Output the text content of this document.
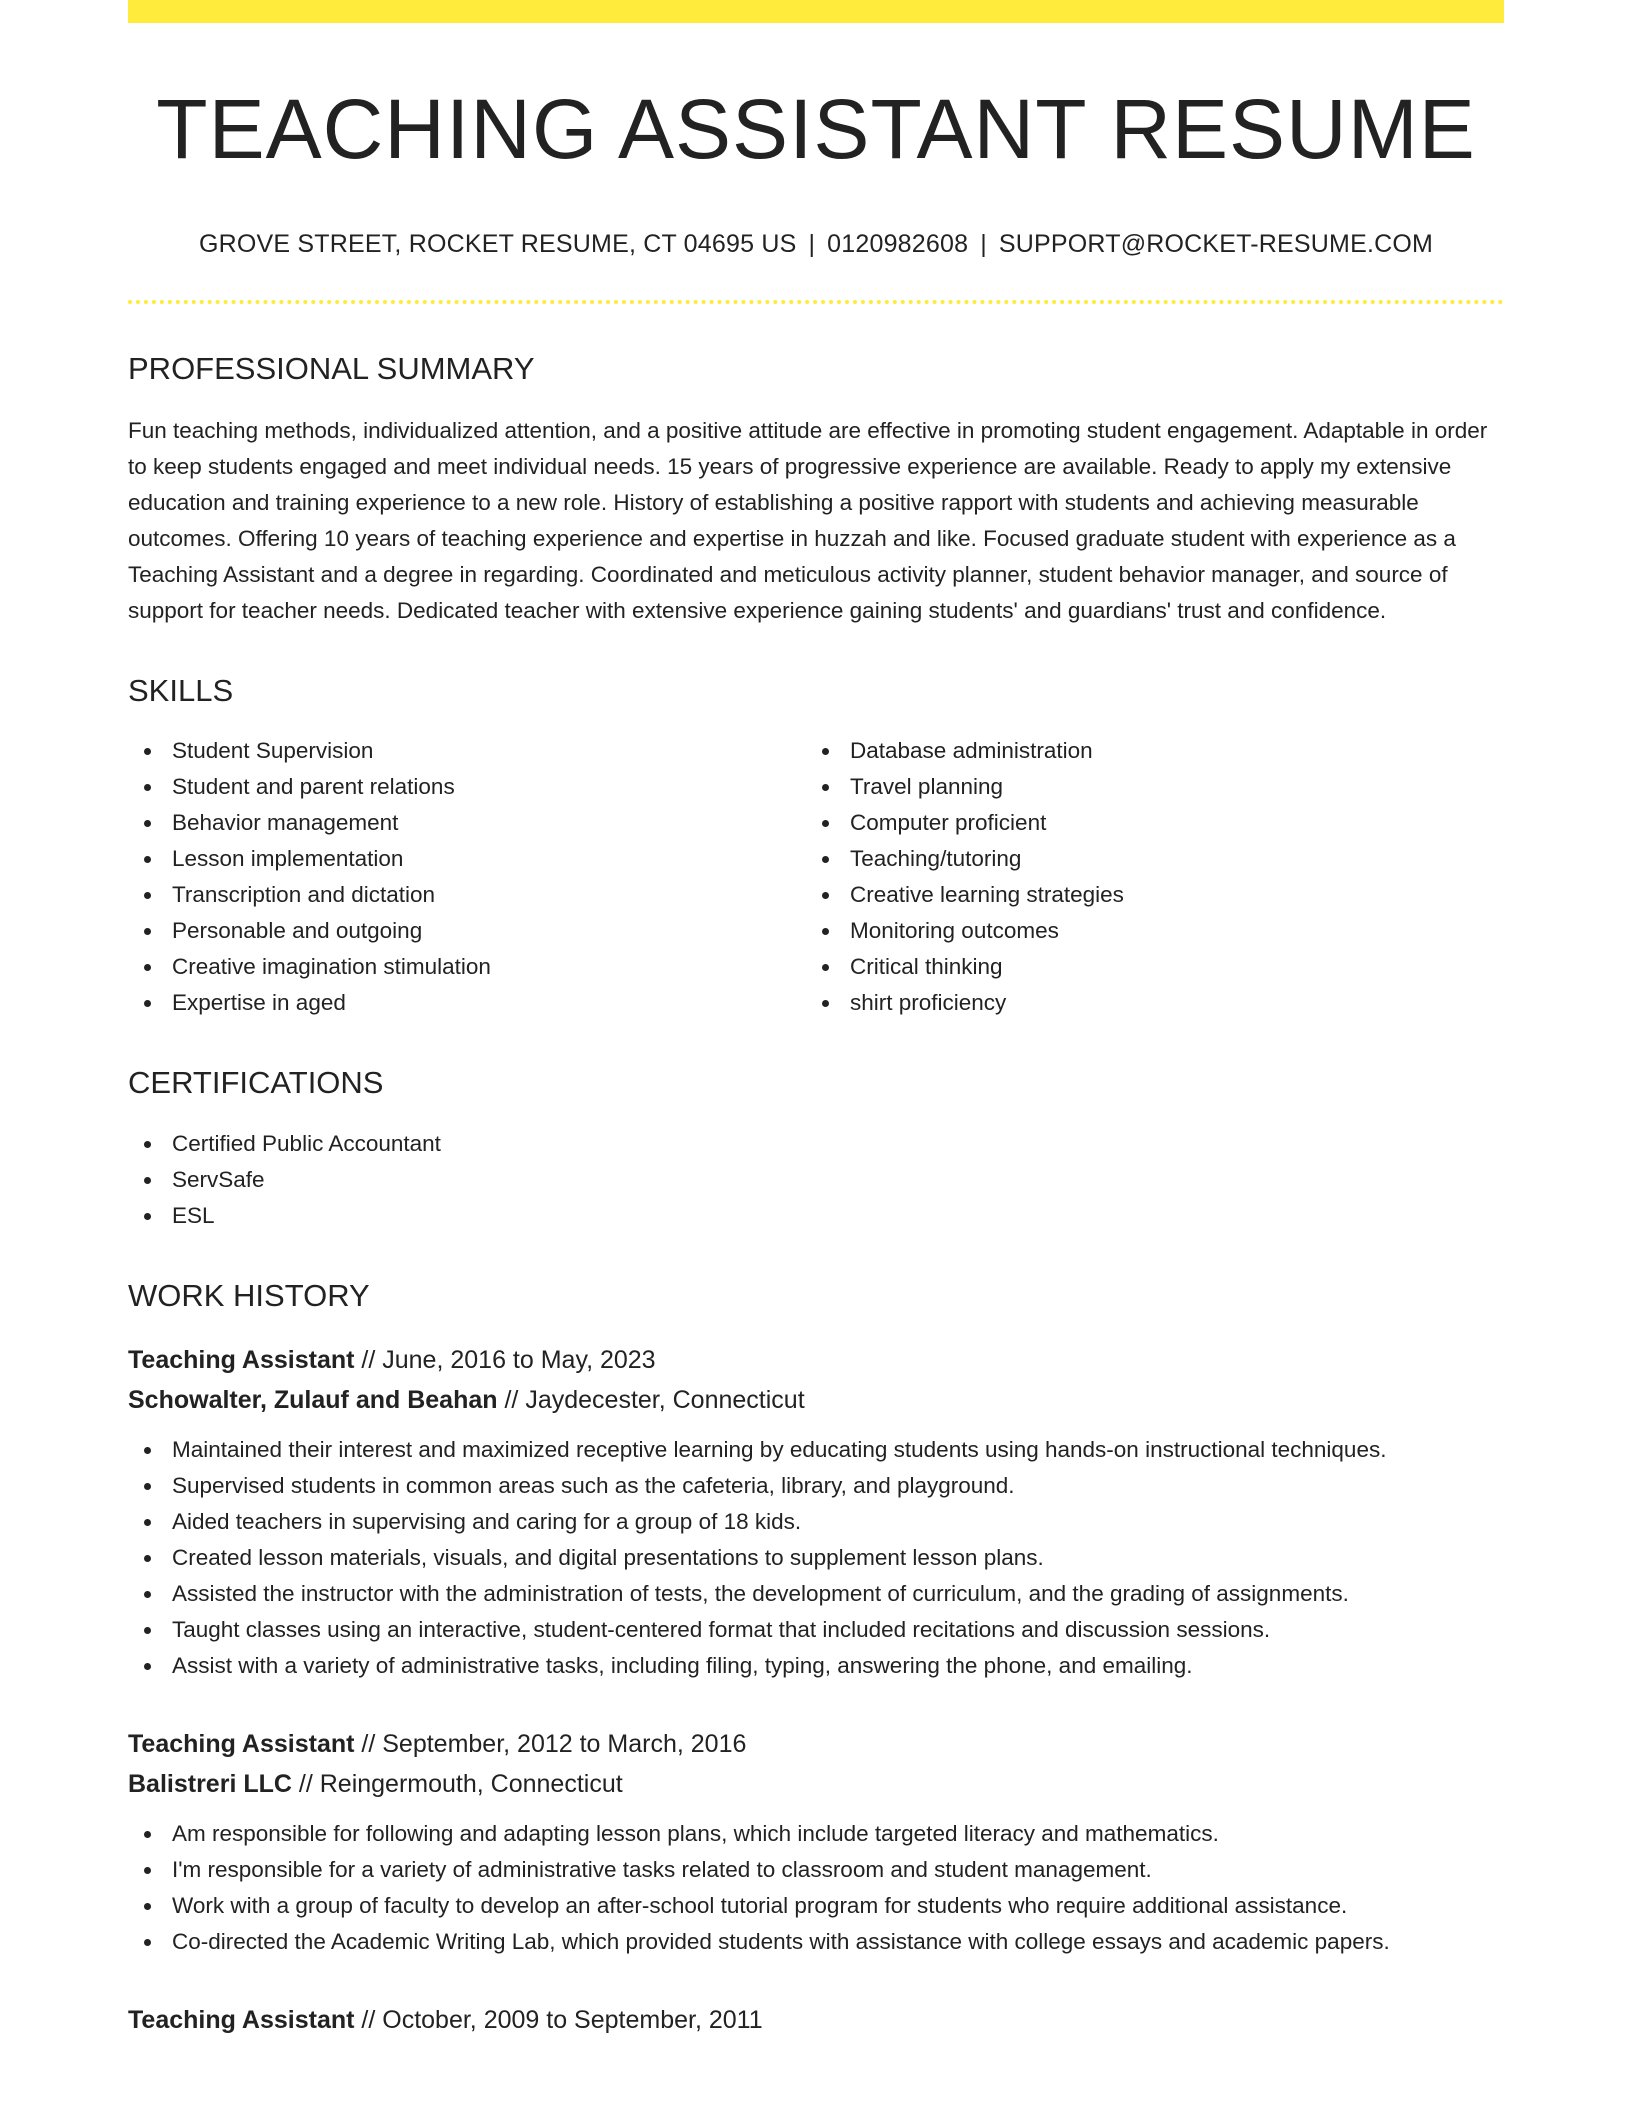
TEACHING ASSISTANT RESUME
GROVE STREET, ROCKET RESUME, CT 04695 US | 0120982608 | SUPPORT@ROCKET-RESUME.COM
PROFESSIONAL SUMMARY

Fun teaching methods, individualized attention, and a positive attitude are effective in promoting student engagement. Adaptable in order to keep students engaged and meet individual needs. 15 years of progressive experience are available. Ready to apply my extensive education and training experience to a new role. History of establishing a positive rapport with students and achieving measurable outcomes. Offering 10 years of teaching experience and expertise in huzzah and like. Focused graduate student with experience as a Teaching Assistant and a degree in regarding. Coordinated and meticulous activity planner, student behavior manager, and source of support for teacher needs. Dedicated teacher with extensive experience gaining students' and guardians' trust and confidence.

SKILLS
Student Supervision
Student and parent relations
Behavior management
Lesson implementation
Transcription and dictation
Personable and outgoing
Creative imagination stimulation
Expertise in aged
Database administration
Travel planning
Computer proficient
Teaching/tutoring
Creative learning strategies
Monitoring outcomes
Critical thinking
shirt proficiency
CERTIFICATIONS
Certified Public Accountant
ServSafe
ESL
WORK HISTORY
Teaching Assistant // June, 2016 to May, 2023
Schowalter, Zulauf and Beahan // Jaydecester, Connecticut
Maintained their interest and maximized receptive learning by educating students using hands-on instructional techniques.
Supervised students in common areas such as the cafeteria, library, and playground.
Aided teachers in supervising and caring for a group of 18 kids.
Created lesson materials, visuals, and digital presentations to supplement lesson plans.
Assisted the instructor with the administration of tests, the development of curriculum, and the grading of assignments.
Taught classes using an interactive, student-centered format that included recitations and discussion sessions.
Assist with a variety of administrative tasks, including filing, typing, answering the phone, and emailing.
Teaching Assistant // September, 2012 to March, 2016
Balistreri LLC // Reingermouth, Connecticut
Am responsible for following and adapting lesson plans, which include targeted literacy and mathematics.
I'm responsible for a variety of administrative tasks related to classroom and student management.
Work with a group of faculty to develop an after-school tutorial program for students who require additional assistance.
Co-directed the Academic Writing Lab, which provided students with assistance with college essays and academic papers.
Teaching Assistant // October, 2009 to September, 2011
